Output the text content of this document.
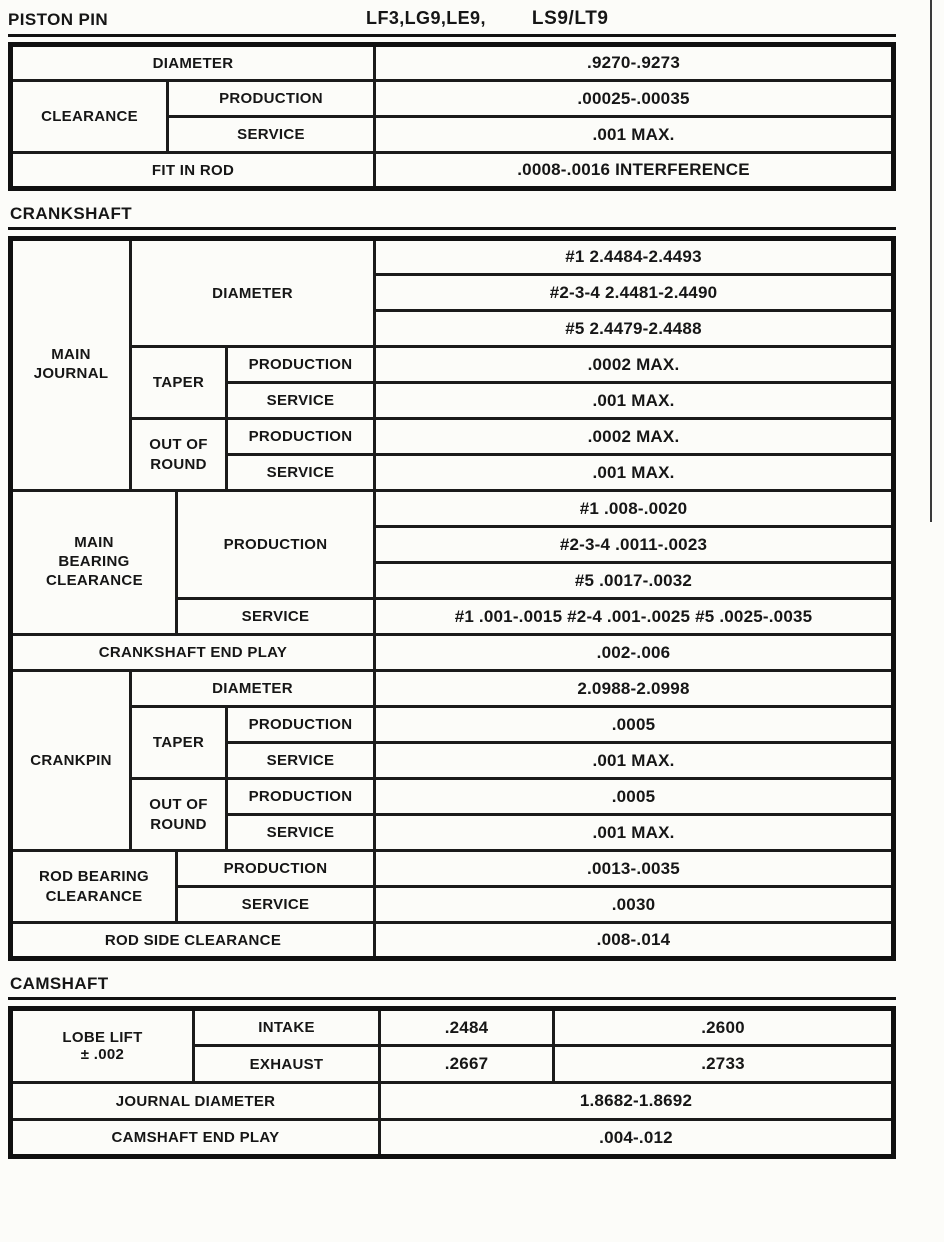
PISTON PIN	LF3,LG9,LE9, LS9/LT9
DIAMETER		.9270-.9273
CLEARANCE	PRODUCTION	.00025-.00035
	SERVICE	.001 MAX.
FIT IN ROD		.0008-.0016 INTERFERENCE
CRANKSHAFT
MAIN JOURNAL	DIAMETER			#1 2.4484-2.4493
				#2-3-4 2.4481-2.4490
				#5 2.4479-2.4488
	TAPER		PRODUCTION	.0002 MAX.
			SERVICE	.001 MAX.
	OUT OF ROUND		PRODUCTION	.0002 MAX.
			SERVICE	.001 MAX.
MAIN BEARING CLEARANCE		PRODUCTION		#1 .008-.0020
				#2-3-4 .0011-.0023
				#5 .0017-.0032
		SERVICE		#1 .001-.0015 #2-4 .001-.0025 #5 .0025-.0035
CRANKSHAFT END PLAY				.002-.006
CRANKPIN	DIAMETER			2.0988-2.0998
	TAPER		PRODUCTION	.0005
			SERVICE	.001 MAX.
	OUT OF ROUND		PRODUCTION	.0005
			SERVICE	.001 MAX.
ROD BEARING CLEARANCE		PRODUCTION		.0013-.0035
		SERVICE		.0030
ROD SIDE CLEARANCE				.008-.014
CAMSHAFT
LOBE LIFT
± .002	INTAKE	.2484	.2600
	EXHAUST	.2667	.2733
JOURNAL DIAMETER		1.8682-1.8692	
CAMSHAFT END PLAY		.004-.012	
